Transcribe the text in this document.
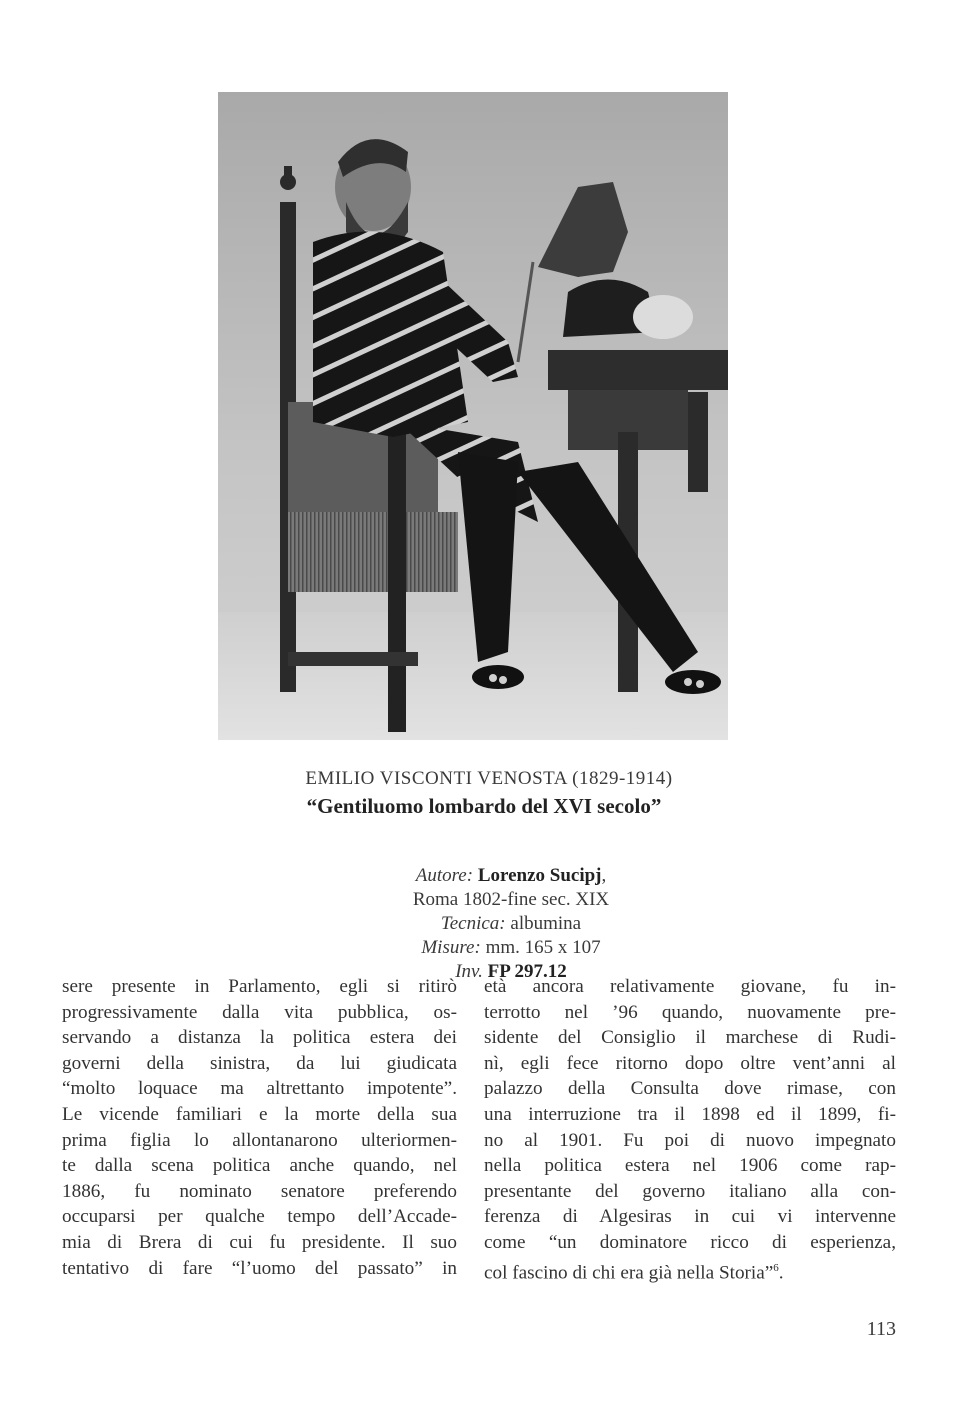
EMILIO VISCONTI VENOSTA (1829-1914)
“Gentiluomo lombardo del XVI secolo”
Autore: Lorenzo Sucipj,
Roma 1802-fine sec. XIX
Tecnica: albumina
Misure: mm. 165 x 107
Inv. FP 297.12
sere presente in Parlamento, egli si ritirò
progressivamente dalla vita pubblica, os-
servando a distanza la politica estera dei
governi della sinistra, da lui giudicata
“molto loquace ma altrettanto impotente”.
Le vicende familiari e la morte della sua
prima figlia lo allontanarono ulteriormen-
te dalla scena politica anche quando, nel
1886, fu nominato senatore preferendo
occuparsi per qualche tempo dell’Accade-
mia di Brera di cui fu presidente. Il suo
tentativo di fare “l’uomo del passato” in
età ancora relativamente giovane, fu in-
terrotto nel ’96 quando, nuovamente pre-
sidente del Consiglio il marchese di Rudi-
nì, egli fece ritorno dopo oltre vent’anni al
palazzo della Consulta dove rimase, con
una interruzione tra il 1898 ed il 1899, fi-
no al 1901. Fu poi di nuovo impegnato
nella politica estera nel 1906 come rap-
presentante del governo italiano alla con-
ferenza di Algesiras in cui vi intervenne
come “un dominatore ricco di esperienza,
col fascino di chi era già nella Storia”$^6$.
113
